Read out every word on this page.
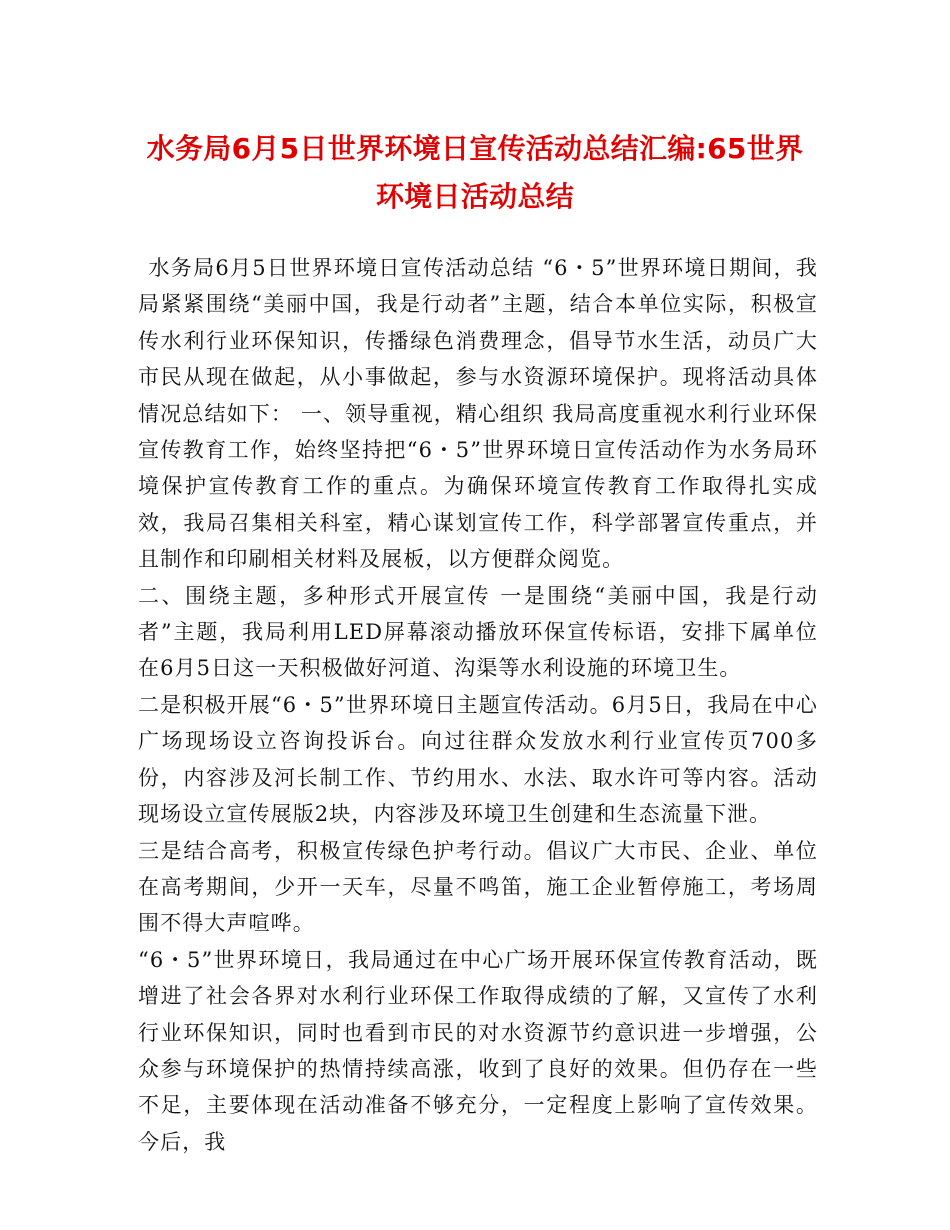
水务局6月5日世界环境日宣传活动总结汇编:65世界环境日活动总结

水务局6月5日世界环境日宣传活动总结 “6・5”世界环境日期间，我局紧紧围绕“美丽中国，我是行动者”主题，结合本单位实际，积极宣传水利行业环保知识，传播绿色消费理念，倡导节水生活，动员广大市民从现在做起，从小事做起，参与水资源环境保护。现将活动具体情况总结如下： 一、领导重视，精心组织 我局高度重视水利行业环保宣传教育工作，始终坚持把“6・5”世界环境日宣传活动作为水务局环境保护宣传教育工作的重点。为确保环境宣传教育工作取得扎实成效，我局召集相关科室，精心谋划宣传工作，科学部署宣传重点，并且制作和印刷相关材料及展板，以方便群众阅览。

二、围绕主题，多种形式开展宣传 一是围绕“美丽中国，我是行动者”主题，我局利用LED屏幕滚动播放环保宣传标语，安排下属单位在6月5日这一天积极做好河道、沟渠等水利设施的环境卫生。

二是积极开展“6・5”世界环境日主题宣传活动。6月5日，我局在中心广场现场设立咨询投诉台。向过往群众发放水利行业宣传页700多份，内容涉及河长制工作、节约用水、水法、取水许可等内容。活动现场设立宣传展版2块，内容涉及环境卫生创建和生态流量下泄。

三是结合高考，积极宣传绿色护考行动。倡议广大市民、企业、单位在高考期间，少开一天车，尽量不鸣笛，施工企业暂停施工，考场周围不得大声喧哗。

“6・5”世界环境日，我局通过在中心广场开展环保宣传教育活动，既增进了社会各界对水利行业环保工作取得成绩的了解，又宣传了水利行业环保知识，同时也看到市民的对水资源节约意识进一步增强，公众参与环境保护的热情持续高涨，收到了良好的效果。但仍存在一些不足，主要体现在活动准备不够充分，一定程度上影响了宣传效果。今后，我
